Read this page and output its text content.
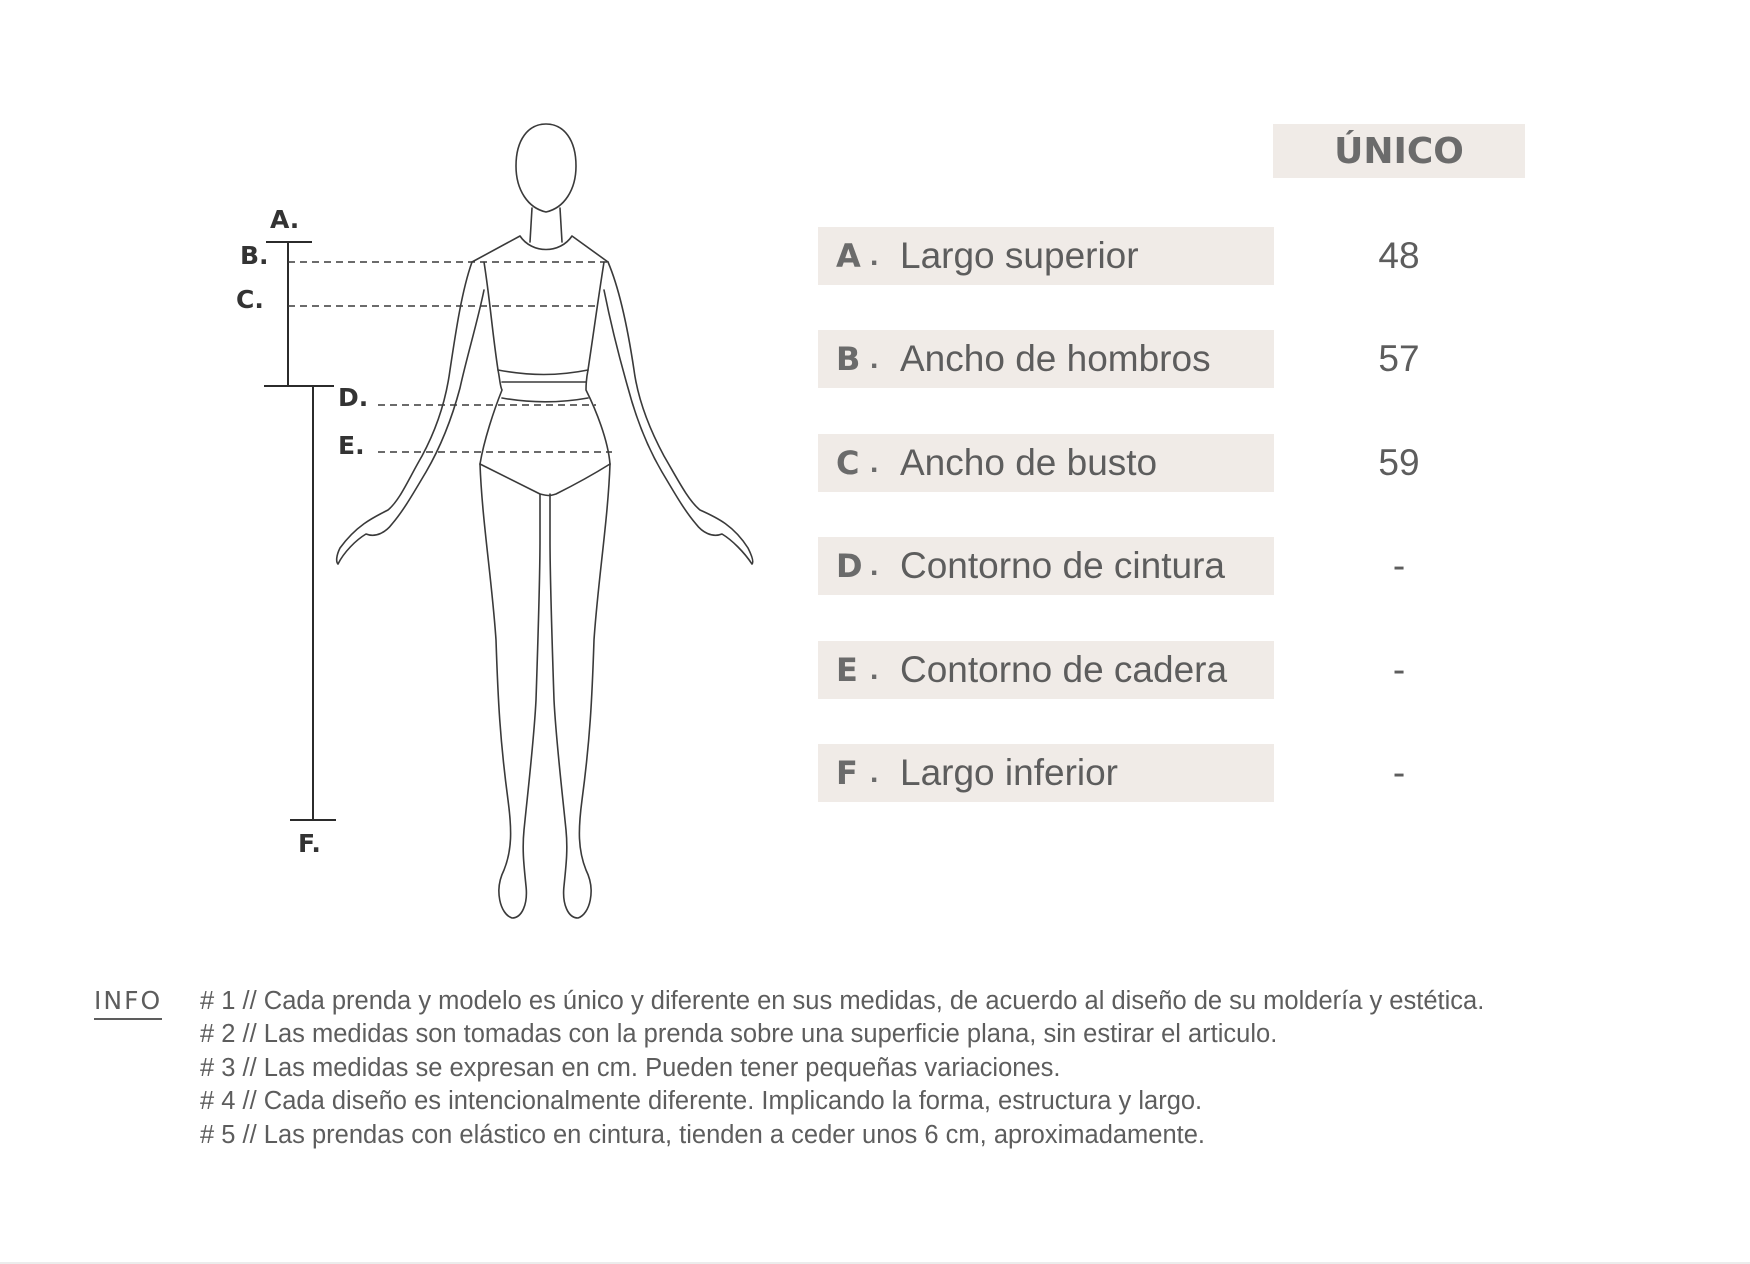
A.
B.
C.
D.
E.
F.
ÚNICO
A . Largo superior	48
B . Ancho de hombros	57
C . Ancho de busto	59
D . Contorno de cintura	-
E . Contorno de cadera	-
F . Largo inferior	-
INFO # 1 // Cada prenda y modelo es único y diferente en sus medidas, de acuerdo al diseño de su moldería y estética.
# 2 // Las medidas son tomadas con la prenda sobre una superficie plana, sin estirar el articulo.
# 3 // Las medidas se expresan en cm. Pueden tener pequeñas variaciones.
# 4 // Cada diseño es intencionalmente diferente. Implicando la forma, estructura y largo.
# 5 // Las prendas con elástico en cintura, tienden a ceder unos 6 cm, aproximadamente.
